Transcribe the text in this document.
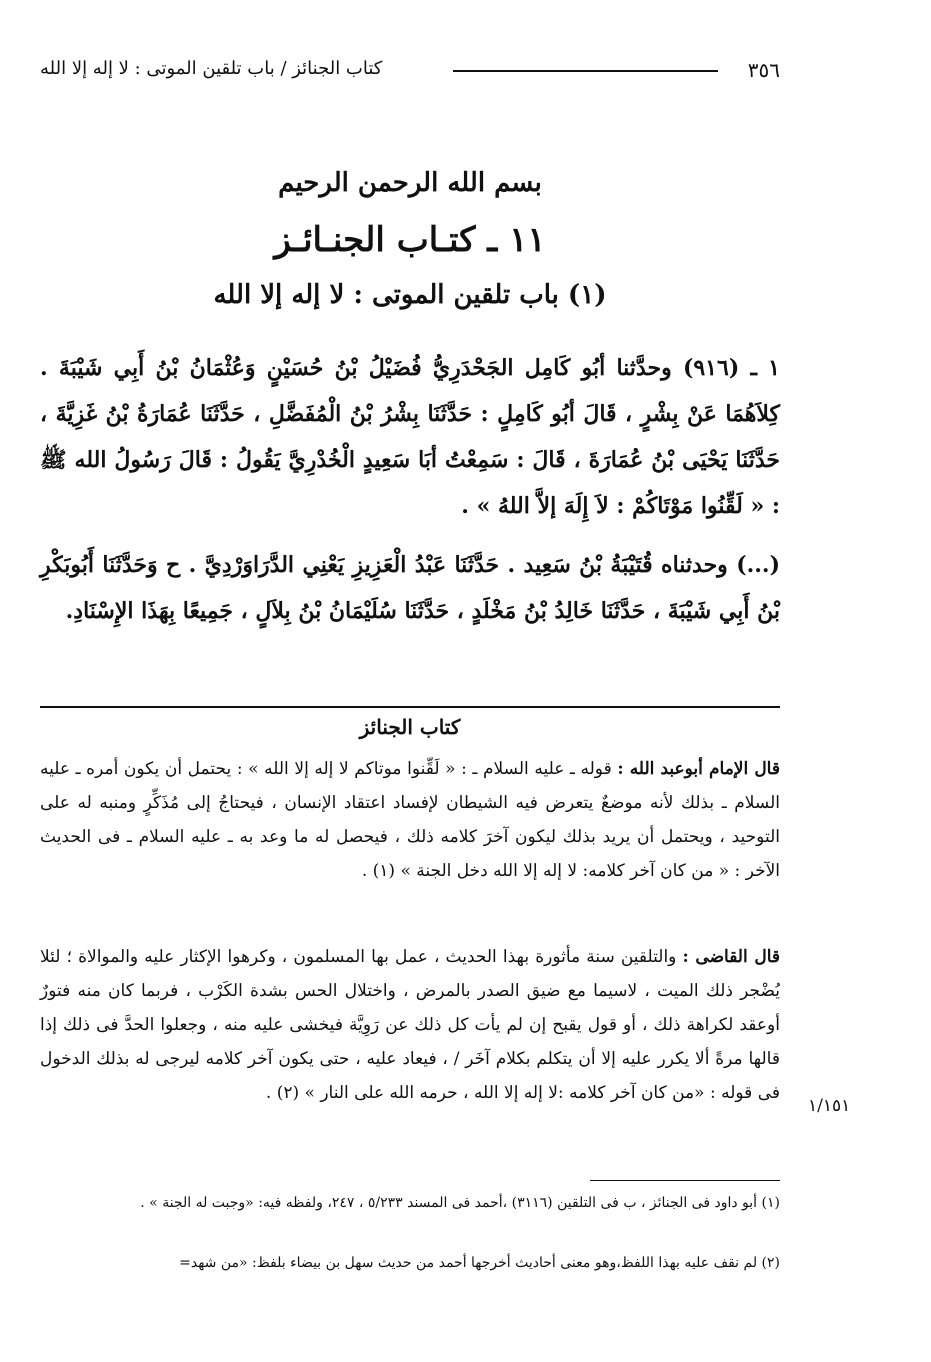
٣٥٦
كتاب الجنائز / باب تلقين الموتى : لا إله إلا الله
بسم الله الرحمن الرحيم
١١ ـ كتـاب الجنـائـز
(١) باب تلقين الموتى : لا إله إلا الله

١ ـ (٩١٦) وحدَّثنا أبُو كَامِل الجَحْدَرِيُّ فُضَيْلُ بْنُ حُسَيْنٍ وَعُثْمَانُ بْنُ أَبِي شَيْبَةَ . كِلاَهُمَا عَنْ بِشْرٍ ، قَالَ أبُو كَامِلٍ : حَدَّثَنَا بِشْرُ بْنُ الْمُفَضَّلِ ، حَدَّثَنَا عُمَارَةُ بْنُ غَزِيَّةَ ، حَدَّثَنَا يَحْيَى بْنُ عُمَارَةَ ، قَالَ : سَمِعْتُ أبَا سَعِيدٍ الْخُدْرِيَّ يَقُولُ : قَالَ رَسُولُ الله ﷺ : « لَقِّنُوا مَوْتَاكُمْ : لاَ إِلَهَ إلاَّ اللهُ » .

(...) وحدثناه قُتَيْبَةُ بْنُ سَعِيد . حَدَّثَنَا عَبْدُ الْعَزِيزِ يَعْنِي الدَّرَاوَرْدِيَّ . ح وَحَدَّثَنَا أَبُوبَكْرِ بْنُ أَبِي شَيْبَةَ ، حَدَّثَنَا خَالِدُ بْنُ مَخْلَدٍ ، حَدَّثَنَا سُلَيْمَانُ بْنُ بِلاَلٍ ، جَمِيعًا بِهَذَا الإِسْنَادِ.

كتاب الجنائز

قال الإمام أبوعبد الله : قوله ـ عليه السلام ـ : « لَقِّنوا موتاكم لا إله إلا الله » : يحتمل أن يكون أمره ـ عليه السلام ـ بذلك لأنه موضعٌ يتعرض فيه الشيطان لإفساد اعتقاد الإنسان ، فيحتاجُ إلى مُذَكِّرٍ ومنبه له على التوحيد ، ويحتمل أن يريد بذلك ليكون آخرَ كلامه ذلك ، فيحصل له ما وعد به ـ عليه السلام ـ فى الحديث الآخر : « من كان آخر كلامه: لا إله إلا الله دخل الجنة » (١) .

قال القاضى : والتلقين سنة مأثورة بهذا الحديث ، عمل بها المسلمون ، وكرهوا الإكثار عليه والموالاة ؛ لئلا يُضْجر ذلك الميت ، لاسيما مع ضيق الصدر بالمرض ، واختلال الحس بشدة الكَرْب ، فربما كان منه فتورٌ أوعقد لكراهة ذلك ، أو قول يقبح إن لم يأت كل ذلك عن رَوِيَّة فيخشى عليه منه ، وجعلوا الحدَّ فى ذلك إذا قالها مرةً ألا يكرر عليه إلا أن يتكلم بكلام آخَر / ، فيعاد عليه ، حتى يكون آخر كلامه ليرجى له بذلك الدخول فى قوله : «من كان آخر كلامه :لا إله إلا الله ، حرمه الله على النار » (٢) .

١/١٥١

(١) أبو داود فى الجنائز ، ب فى التلقين (٣١١٦) ،أحمد فى المسند ٥/٢٣٣ ، ٢٤٧، ولفظه فيه: «وجبت له الجنة » .

(٢) لم نقف عليه بهذا اللفظ،وهو معنى أحاديث أخرجها أحمد من حديث سهل بن بيضاء بلفظ: «من شهد=
